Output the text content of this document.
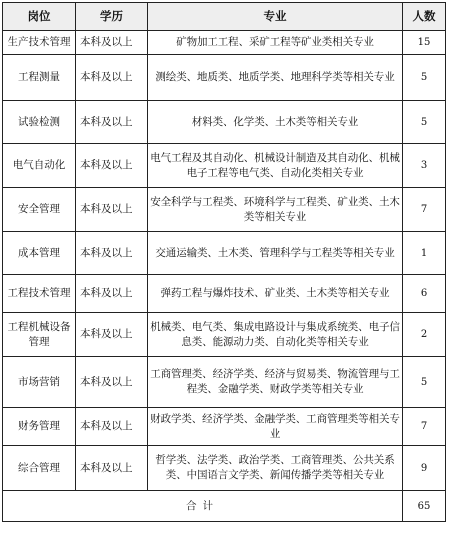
岗位	学历	专业	人数
生产技术管理	本科及以上	矿物加工工程、采矿工程等矿业类相关专业	15
工程测量	本科及以上	测绘类、地质类、地质学类、地理科学类等相关专业	5
试验检测	本科及以上	材料类、化学类、土木类等相关专业	5
电气自动化	本科及以上	电气工程及其自动化、机械设计制造及其自动化、机械电子工程等电气类、自动化类相关专业	3
安全管理	本科及以上	安全科学与工程类、环境科学与工程类、矿业类、土木类等相关专业	7
成本管理	本科及以上	交通运输类、土木类、管理科学与工程类等相关专业	1
工程技术管理	本科及以上	弹药工程与爆炸技术、矿业类、土木类等相关专业	6
工程机械设备管理	本科及以上	机械类、电气类、集成电路设计与集成系统类、电子信息类、能源动力类、自动化类等相关专业	2
市场营销	本科及以上	工商管理类、经济学类、经济与贸易类、物流管理与工程类、金融学类、财政学类等相关专业	5
财务管理	本科及以上	财政学类、经济学类、金融学类、工商管理类等相关专业	7
综合管理	本科及以上	哲学类、法学类、政治学类、工商管理类、公共关系类、中国语言文学类、新闻传播学类等相关专业	9
合计			65
